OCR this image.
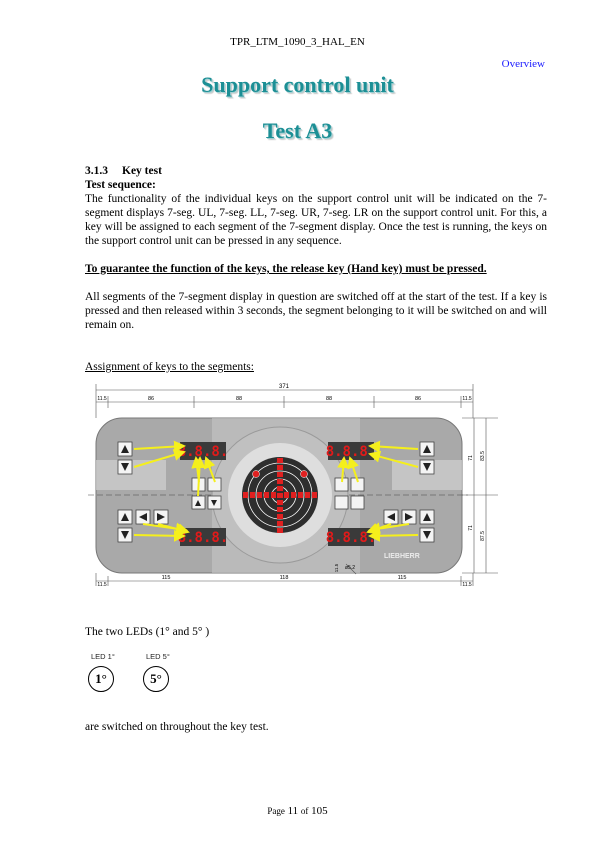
TPR_LTM_1090_3_HAL_EN
Overview
Support control unit
Test A3
3.1.3 Key test
Test sequence:
The functionality of the individual keys on the support control unit will be indicated on the 7-segment displays 7-seg. UL, 7-seg. LL, 7-seg. UR, 7-seg. LR on the support control unit. For this, a key will be assigned to each segment of the 7-segment display. Once the test is running, the keys on the support control unit can be pressed in any sequence.
To guarantee the function of the keys, the release key (Hand key) must be pressed.
All segments of the 7-segment display in question are switched off at the start of the test. If a key is pressed and then released within 3 seconds, the segment belonging to it will be switched on and will remain on.
Assignment of keys to the segments:
371
11.5	86	88	88	86	11.5
71 83.5
71
87.5
8.8.8.	8.8.8.
8.8.8.	8.8.8.
LIEBHERR
11.5
115	118	115
11.5
ø5.2
11.5
The two LEDs (1° and 5° )
LED 1°	LED 5°
1°	5°
are switched on throughout the key test.
Page 11 of 105
